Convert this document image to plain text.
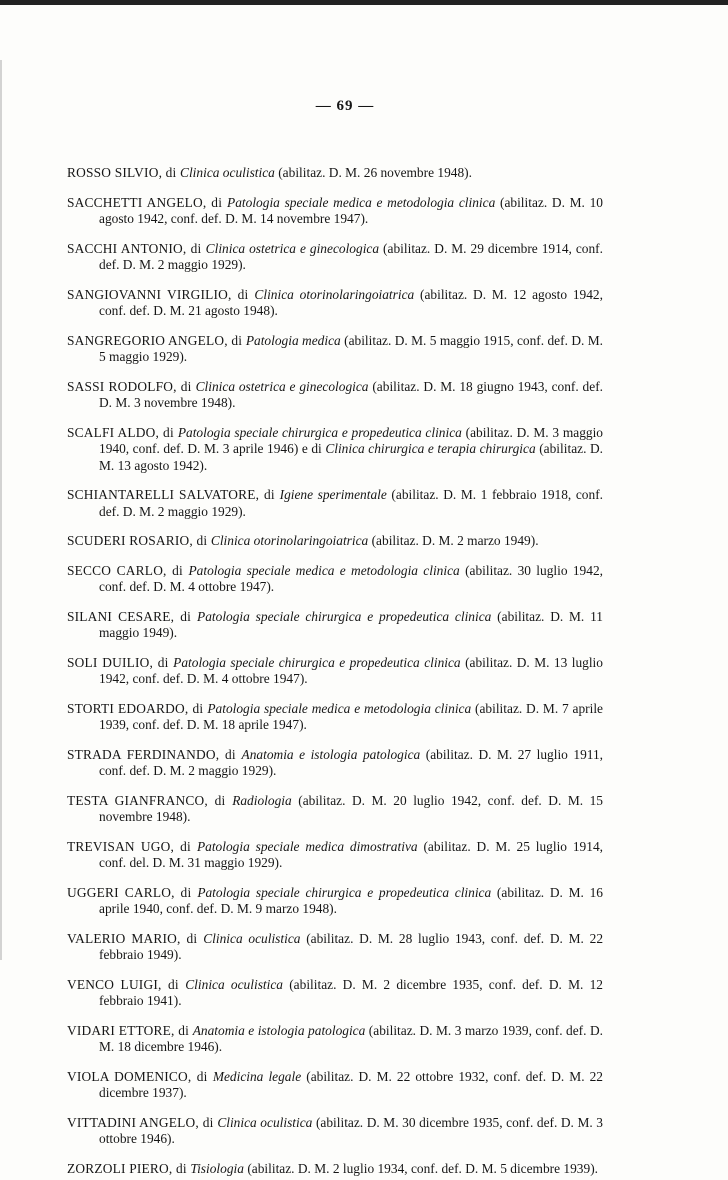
— 69 —

ROSSO SILVIO, di Clinica oculistica (abilitaz. D. M. 26 novembre 1948).

SACCHETTI ANGELO, di Patologia speciale medica e metodologia clinica (abilitaz. D. M. 10 agosto 1942, conf. def. D. M. 14 novembre 1947).

SACCHI ANTONIO, di Clinica ostetrica e ginecologica (abilitaz. D. M. 29 dicembre 1914, conf. def. D. M. 2 maggio 1929).

SANGIOVANNI VIRGILIO, di Clinica otorinolaringoiatrica (abilitaz. D. M. 12 agosto 1942, conf. def. D. M. 21 agosto 1948).

SANGREGORIO ANGELO, di Patologia medica (abilitaz. D. M. 5 maggio 1915, conf. def. D. M. 5 maggio 1929).

SASSI RODOLFO, di Clinica ostetrica e ginecologica (abilitaz. D. M. 18 giugno 1943, conf. def. D. M. 3 novembre 1948).

SCALFI ALDO, di Patologia speciale chirurgica e propedeutica clinica (abilitaz. D. M. 3 maggio 1940, conf. def. D. M. 3 aprile 1946) e di Clinica chirurgica e terapia chirurgica (abilitaz. D. M. 13 agosto 1942).

SCHIANTARELLI SALVATORE, di Igiene sperimentale (abilitaz. D. M. 1 febbraio 1918, conf. def. D. M. 2 maggio 1929).

SCUDERI ROSARIO, di Clinica otorinolaringoiatrica (abilitaz. D. M. 2 marzo 1949).

SECCO CARLO, di Patologia speciale medica e metodologia clinica (abilitaz. 30 luglio 1942, conf. def. D. M. 4 ottobre 1947).

SILANI CESARE, di Patologia speciale chirurgica e propedeutica clinica (abilitaz. D. M. 11 maggio 1949).

SOLI DUILIO, di Patologia speciale chirurgica e propedeutica clinica (abilitaz. D. M. 13 luglio 1942, conf. def. D. M. 4 ottobre 1947).

STORTI EDOARDO, di Patologia speciale medica e metodologia clinica (abilitaz. D. M. 7 aprile 1939, conf. def. D. M. 18 aprile 1947).

STRADA FERDINANDO, di Anatomia e istologia patologica (abilitaz. D. M. 27 luglio 1911, conf. def. D. M. 2 maggio 1929).

TESTA GIANFRANCO, di Radiologia (abilitaz. D. M. 20 luglio 1942, conf. def. D. M. 15 novembre 1948).

TREVISAN UGO, di Patologia speciale medica dimostrativa (abilitaz. D. M. 25 luglio 1914, conf. del. D. M. 31 maggio 1929).

UGGERI CARLO, di Patologia speciale chirurgica e propedeutica clinica (abilitaz. D. M. 16 aprile 1940, conf. def. D. M. 9 marzo 1948).

VALERIO MARIO, di Clinica oculistica (abilitaz. D. M. 28 luglio 1943, conf. def. D. M. 22 febbraio 1949).

VENCO LUIGI, di Clinica oculistica (abilitaz. D. M. 2 dicembre 1935, conf. def. D. M. 12 febbraio 1941).

VIDARI ETTORE, di Anatomia e istologia patologica (abilitaz. D. M. 3 marzo 1939, conf. def. D. M. 18 dicembre 1946).

VIOLA DOMENICO, di Medicina legale (abilitaz. D. M. 22 ottobre 1932, conf. def. D. M. 22 dicembre 1937).

VITTADINI ANGELO, di Clinica oculistica (abilitaz. D. M. 30 dicembre 1935, conf. def. D. M. 3 ottobre 1946).

ZORZOLI PIERO, di Tisiologia (abilitaz. D. M. 2 luglio 1934, conf. def. D. M. 5 dicembre 1939).
